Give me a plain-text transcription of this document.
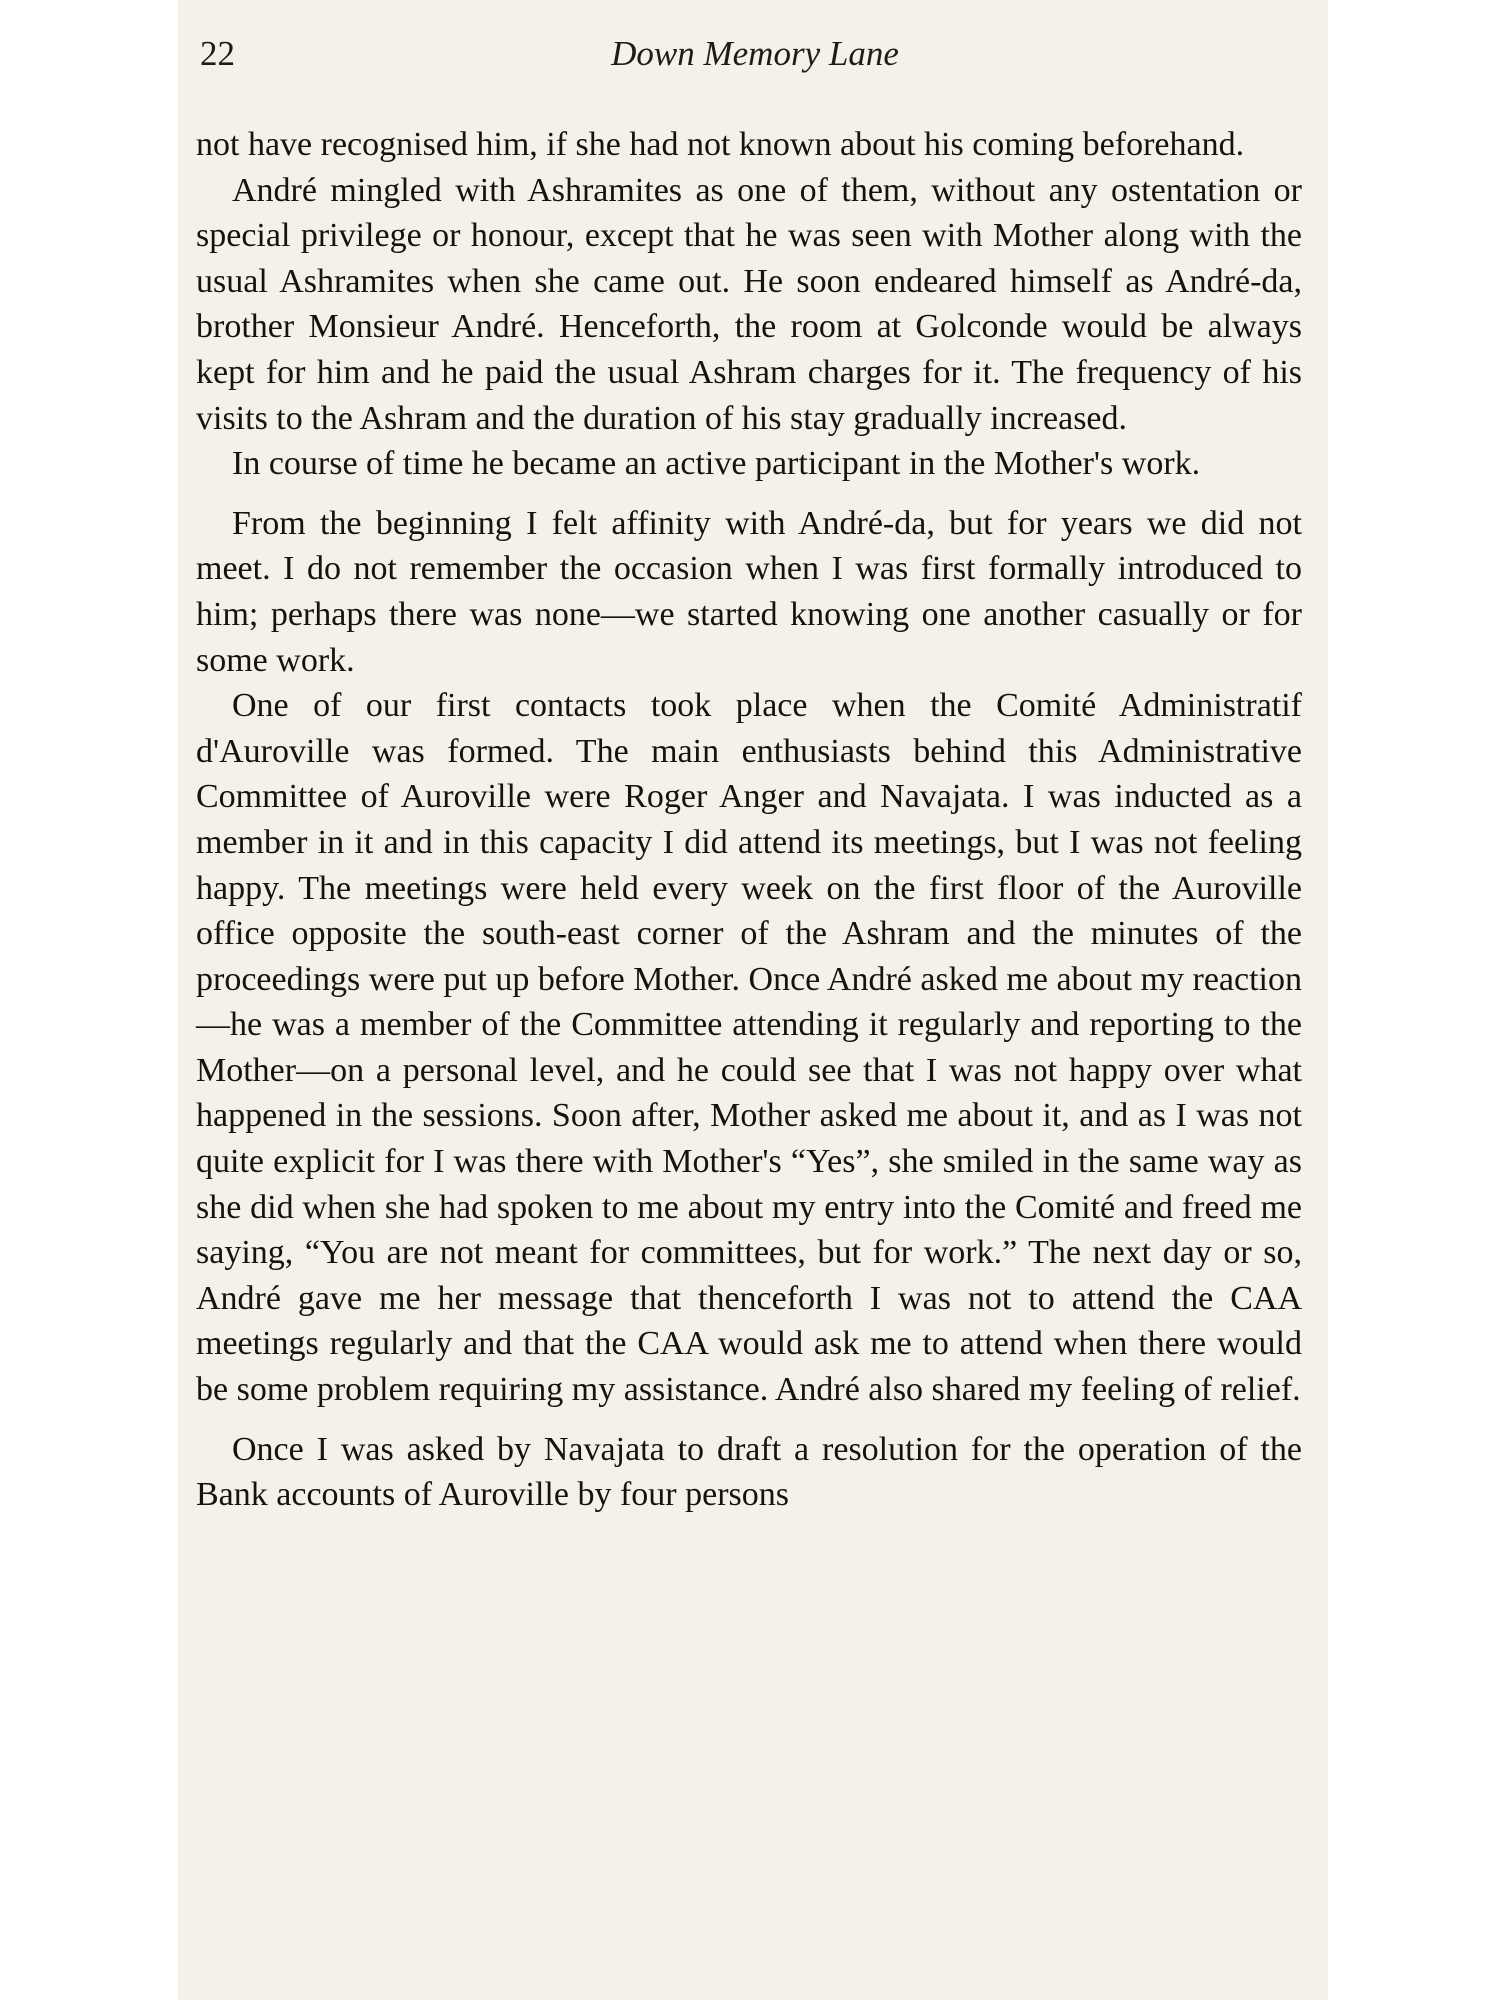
22	Down Memory Lane

not have recognised him, if she had not known about his coming beforehand.

André mingled with Ashramites as one of them, without any ostentation or special privilege or honour, except that he was seen with Mother along with the usual Ashramites when she came out. He soon endeared himself as André-da, brother Monsieur André. Henceforth, the room at Golconde would be always kept for him and he paid the usual Ashram charges for it. The frequency of his visits to the Ashram and the duration of his stay gradually increased.

In course of time he became an active participant in the Mother's work.

From the beginning I felt affinity with André-da, but for years we did not meet. I do not remember the occasion when I was first formally introduced to him; perhaps there was none—we started knowing one another casually or for some work.

One of our first contacts took place when the Comité Administratif d'Auroville was formed. The main enthusiasts behind this Administrative Committee of Auroville were Roger Anger and Navajata. I was inducted as a member in it and in this capacity I did attend its meetings, but I was not feeling happy. The meetings were held every week on the first floor of the Auroville office opposite the south-east corner of the Ashram and the minutes of the proceedings were put up before Mother. Once André asked me about my reaction—he was a member of the Committee attending it regularly and reporting to the Mother—on a personal level, and he could see that I was not happy over what happened in the sessions. Soon after, Mother asked me about it, and as I was not quite explicit for I was there with Mother's “Yes”, she smiled in the same way as she did when she had spoken to me about my entry into the Comité and freed me saying, “You are not meant for committees, but for work.” The next day or so, André gave me her message that thenceforth I was not to attend the CAA meetings regularly and that the CAA would ask me to attend when there would be some problem requiring my assistance. André also shared my feeling of relief.

Once I was asked by Navajata to draft a resolution for the operation of the Bank accounts of Auroville by four persons
